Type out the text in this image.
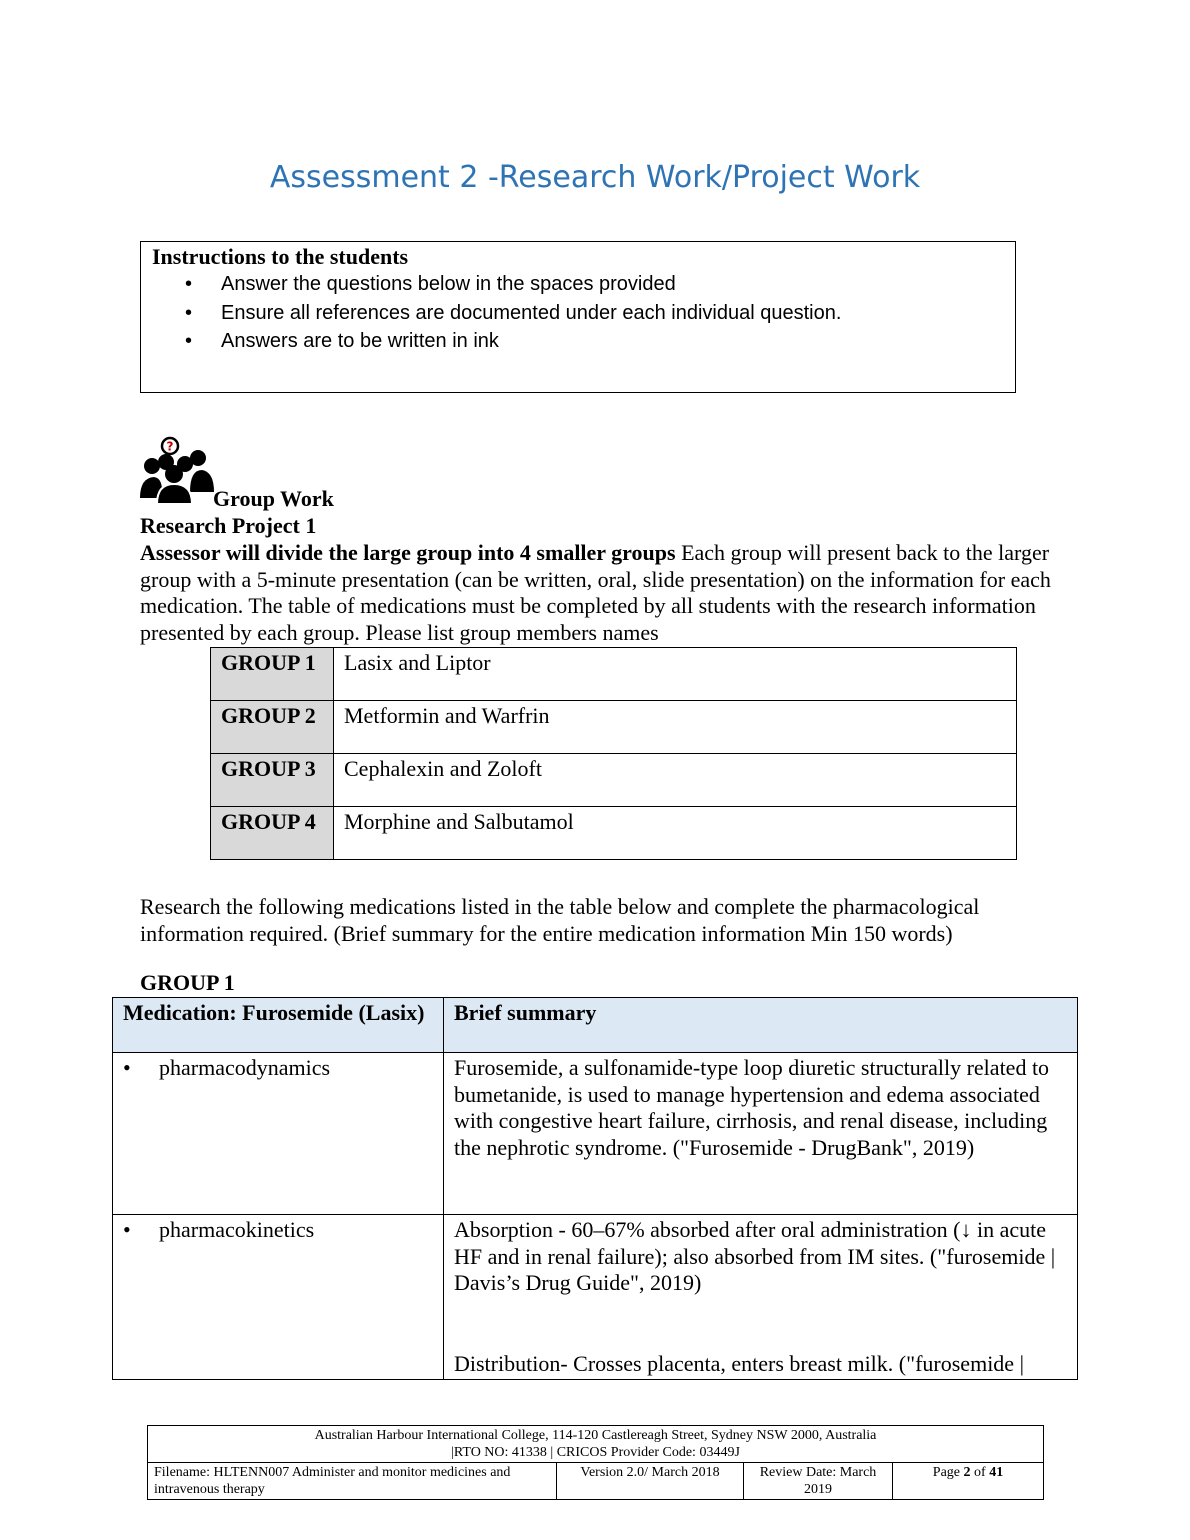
Assessment 2 -Research Work/Project Work
Instructions to the students
• Answer the questions below in the spaces provided
• Ensure all references are documented under each individual question.
• Answers are to be written in ink
?
Group Work
Research Project 1
Assessor will divide the large group into 4 smaller groups Each group will present back to the larger group with a 5-minute presentation (can be written, oral, slide presentation) on the information for each medication. The table of medications must be completed by all students with the research information presented by each group. Please list group members names
GROUP 1	Lasix and Liptor
GROUP 2	Metformin and Warfrin
GROUP 3	Cephalexin and Zoloft
GROUP 4	Morphine and Salbutamol
Research the following medications listed in the table below and complete the pharmacological information required. (Brief summary for the entire medication information Min 150 words)
GROUP 1
Medication: Furosemide (Lasix)	Brief summary
• pharmacodynamics	Furosemide, a sulfonamide-type loop diuretic structurally related to bumetanide, is used to manage hypertension and edema associated with congestive heart failure, cirrhosis, and renal disease, including the nephrotic syndrome. ("Furosemide - DrugBank", 2019)
• pharmacokinetics	Absorption - 60–67% absorbed after oral administration (↓ in acute HF and in renal failure); also absorbed from IM sites. ("furosemide | Davis’s Drug Guide", 2019)

Distribution- Crosses placenta, enters breast milk. ("furosemide |

Australian Harbour International College, 114-120 Castlereagh Street, Sydney NSW 2000, Australia
|RTO NO: 41338 | CRICOS Provider Code: 03449J

Filename: HLTENN007 Administer and monitor medicines and intravenous therapy	Version 2.0/ March 2018	Review Date: March 2019	Page 2 of 41
